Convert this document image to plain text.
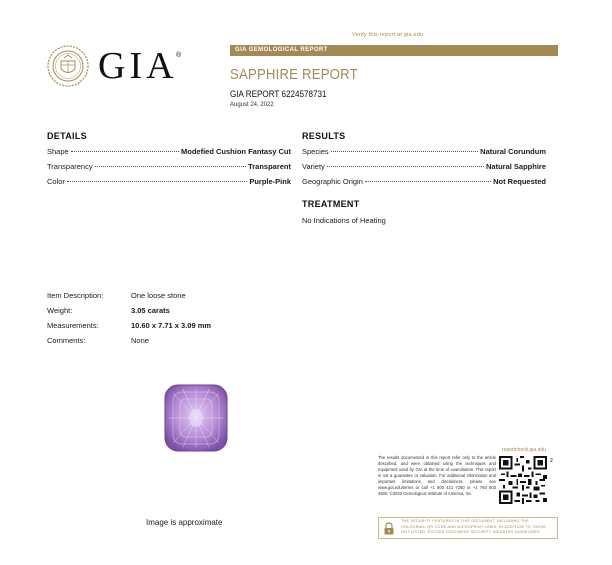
Verify this report at gia.edu
GIA
®
GIA GEMOLOGICAL REPORT
SAPPHIRE REPORT
GIA REPORT 6224578731
August 24, 2022
DETAILS
Shape	Modefied Cushion Fantasy Cut
Transparency	Transparent
Color	Purple-Pink
RESULTS
Species	Natural Corundum
Variety	Natural Sapphire
Geographic Origin	Not Requested
TREATMENT
No Indications of Heating
Item Description:	One loose stone
Weight:	3.05 carats
Measurements:	10.60 x 7.71 x 3.09 mm
Comments:	None
Image is approximate
The results documented in this report refer only to the article described, and were obtained using the techniques and equipment used by GIA at the time of examination. This report is not a guarantee or valuation. For additional information and important limitations and disclaimers, please see www.gia.edu/terms or call +1 800 421 7250 or +1 760 603 4500. ©2022 Gemological Institute of America, Inc.
reportcheck.gia.edu
2
THE SECURITY FEATURES IN THIS DOCUMENT, INCLUDING THE HOLOGRAM, QR CODE AND MICROPRINT LINES, IN ADDITION TO THOSE NOT LISTED, EXCEED DOCUMENT SECURITY INDUSTRY GUIDELINES.
